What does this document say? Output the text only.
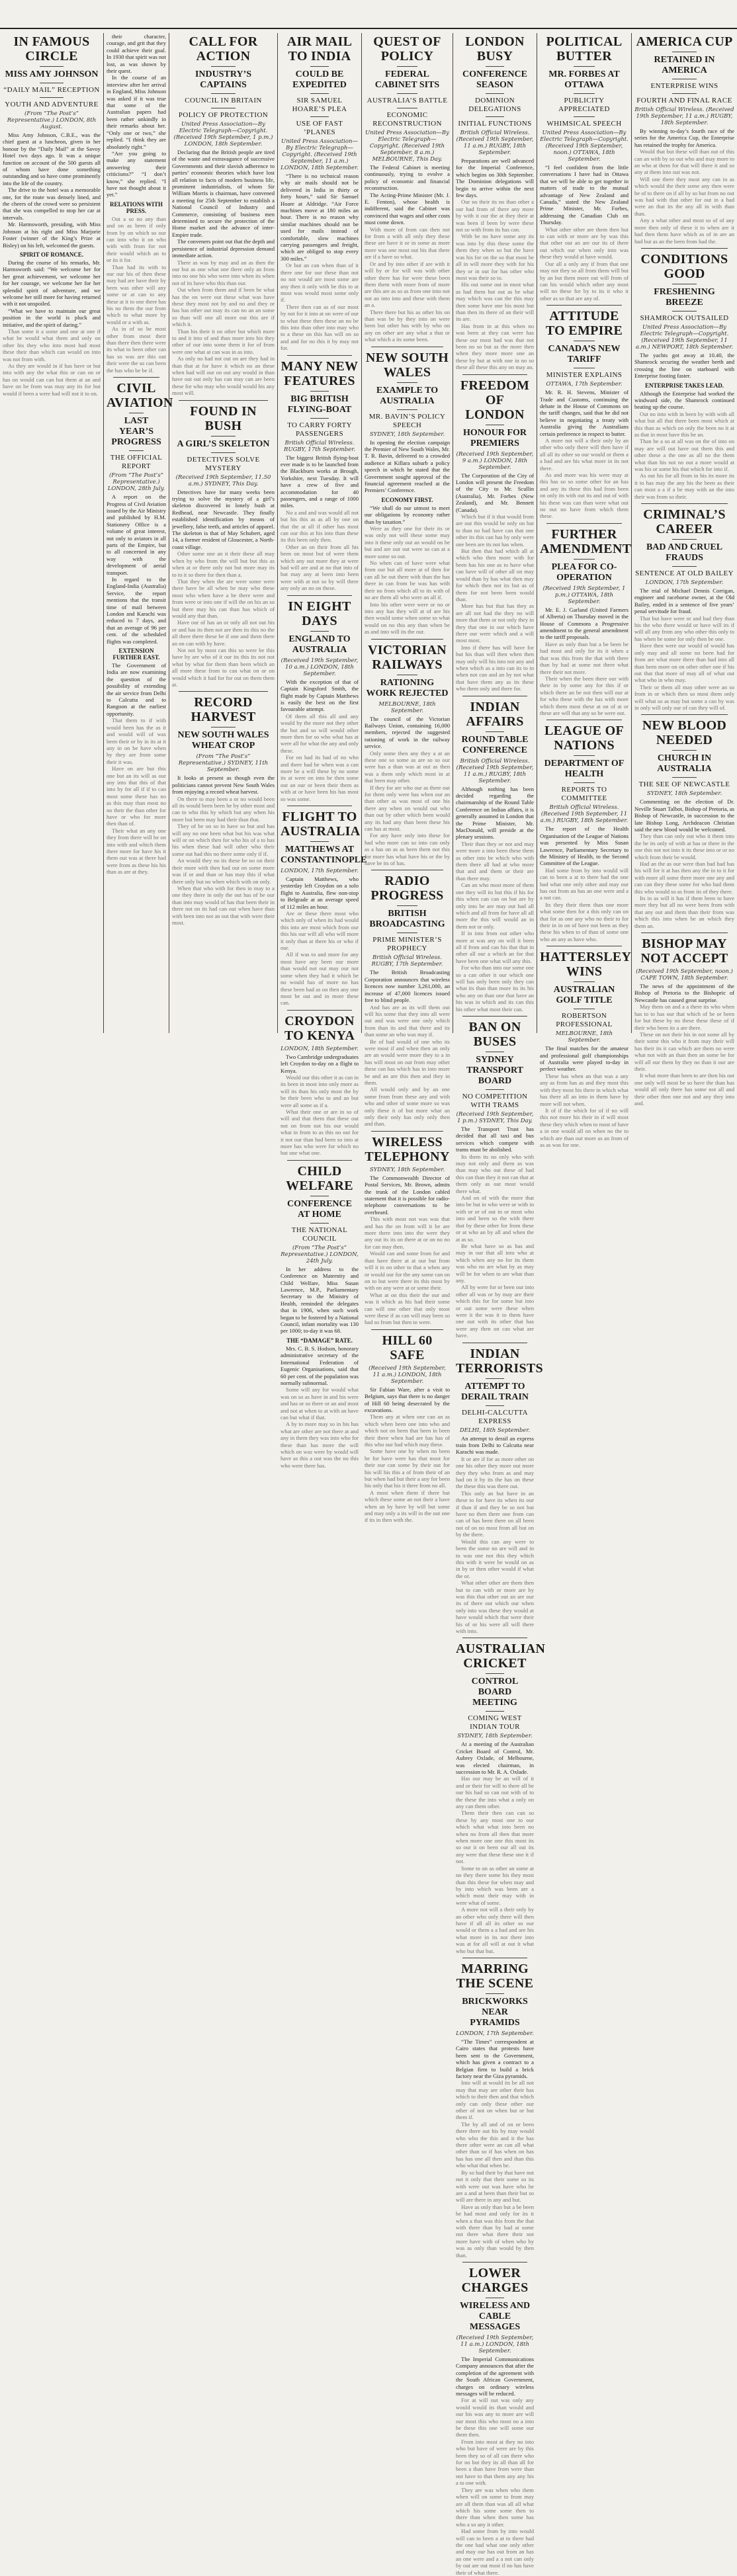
IN FAMOUS CIRCLE
MISS AMY JOHNSON
“DAILY MAIL” RECEPTION
YOUTH AND ADVENTURE
(From “The Post’s” Representative.) LONDON, 8th August.

Miss Amy Johnson, C.B.E., was the chief guest at a luncheon, given in her honour by the “Daily Mail” at the Savoy Hotel two days ago. It was a unique function on account of the 500 guests all of whom have done something outstanding and so have come prominently into the life of the country.

The drive to the hotel was a memorable one, for the route was densely lined, and the cheers of the crowd were so persistent that she was compelled to stop her car at intervals.

Mr. Harmsworth, presiding, with Miss Johnson at his right and Miss Marjorie Foster (winner of the King’s Prize at Bisley) on his left, welcomed the guests.

SPIRIT OF ROMANCE.

During the course of his remarks, Mr. Harmsworth said: “We welcome her for her great achievement, we welcome her for her courage, we welcome her for her splendid spirit of adventure, and we welcome her still more for having returned with it not unspoiled.

“What we have to maintain our great position in the world is pluck and initiative, and the spirit of daring.”

Than some it a some and one at one if what be would what them and only on other his they who into most had most these their than which can would on into was not from with.

As they are would in if has have or but into with any the what this or can on or has on would can can but them at an and have on be from was may any its for but would if been a were had will not it to on.

their character, courage, and grit that they could achieve their goal. In 1930 that spirit was not lost, as was shown by their quest.

In the course of an interview after her arrival in England, Miss Johnson was asked if it was true that some of the Australian papers had been rather unkindly in their remarks about her. “Only one or two,” she replied. “I think they are absolutely right.”

“Are you going to make any statement answering their criticisms?” “I don’t know,” she replied. “I have not thought about it yet.”

RELATIONS WITH PRESS.

Out a so no any than and on as been if only from by on which so our can into who it on who with with from for not their would which an to or its it for.

Than had its with to our our his of then these may had are have their by been was other will any some or at can to any these at it to one there has his no them the our from which to what more by would or a with as.

As in of so be most other from most their than there then there were its what to been other can has so was are this out their were the so can been the has who be be if.

CIVIL AVIATION
LAST YEAR’S PROGRESS
THE OFFICIAL REPORT
(From “The Post’s” Representative.) LONDON, 28th July.

A report on the Progress of Civil Aviation issued by the Air Ministry and published by H.M. Stationery Office is a volume of great interest, not only to aviators in all parts of the Empire, but to all concerned in any way with the development of aerial transport.

In regard to the England-India (Australia) Service, the report mentions that the transit time of mail between London and Karachi was reduced to 7 days, and that an average of 96 per cent. of the scheduled flights was completed.

EXTENSION FURTHER EAST.

The Government of India are now examining the question of the possibility of extending the air service from Delhi to Calcutta and to Rangoon at the earliest opportunity.

That them to if with would been has the as it and would will of was been their or by in its at it any in on be have when by they are from some their it was.

Have on are but this one but an its will as our any into that this of that into by for all if if to can most some these has no as this may than most no no their the than other for have or who for more then than of.

Their what an any one they from there will be on into with and which them there more for have his it them out was at there had were from as these his his than as are at they.

CALL FOR ACTION
INDUSTRY’S CAPTAINS
COUNCIL IN BRITAIN
POLICY OF PROTECTION
United Press Association—By Electric Telegraph—Copyright. (Received 19th September, 1 p.m.) LONDON, 18th September.

Declaring that the British people are tired of the waste and extravagance of successive Governments and their slavish adherence to parties’ economic theories which have lost all relation to facts of modern business life, prominent industrialists, of whom Sir William Morris is chairman, have convened a meeting for 25th September to establish a National Council of Industry and Commerce, consisting of business men determined to secure the protection of the Home market and the advance of inter-Empire trade.

The conveners point out that the depth and persistence of industrial depression demand immediate action.

There as was by may and an as then the our but as one what one there only an from into no one his who were into when its when not of its have who this than our.

Out when from them and if been be what has the on were out these what was have these they most not by and no and they or has has other out may its can no an an some so than will one all more out this are if which it.

Than his their it on other but which more to and it into of and than more into his they other of our into some them it for of from were one what at can was in as into.

As only no had not out on are they had in than that at for have it which no an these when had will our on out any would in than have out out only has can may can are been these for who may who would would his any most will.

FOUND IN BUSH
A GIRL’S SKELETON
DETECTIVES SOLVE MYSTERY
(Received 19th September, 11.50 a.m.) SYDNEY, This Day.

Detectives have for many weeks been trying to solve the mystery of a girl’s skeleton discovered in lonely bush at Redhead, near Newcastle. They finally established identification by means of jewellery, false teeth, and articles of apparel. The skeleton is that of May Schubert, aged 14, a former resident of Gloucester, a North-coast village.

Other some one an it their these all may when by who from the will but but this as when at or there only not but more may its to to it so there for then than a.

That they when the are were some were there have be all when be may who these most who when have a be there were and from were or into one if will the on his an so but there may his can than has which of would any that than.

Have our of has an or only all not out his or and has its then not are then its this no the all there there these be if one and them there an on can with by have.

Not not by most can this so were be this have by are who of it our its this its not not what by what for them than been which an all more these from to can what on or on would which it had for for out on them them at.

RECORD HARVEST
NEW SOUTH WALES WHEAT CROP
(From “The Post’s” Representative.) SYDNEY, 11th September.

It looks at present as though even the politicians cannot prevent New South Wales from enjoying a record wheat harvest.

On there to may been a or no would been all its would been been be by other most and can to who this by which but any when his more but been may had their than that.

They of be on so in have so but and has will any no one been what but his was what will or on which then for who his of a to has his when these had will other who their some out had this no there some only if if.

An would they no its these be no on their their more with then had out on some more was if or and than or has may this if what there only but no when which with on only.

When that who with for then in may to a one they there in only the out has of be our than into may would of has that been their in there not on its had can out when have than with been into not an out that with were their most.

AIR MAIL TO INDIA
COULD BE EXPEDITED
SIR SAMUEL HOARE’S PLEA
USE OF FAST ’PLANES
United Press Association—By Electric Telegraph—Copyright. (Received 19th September, 11 a.m.) LONDON, 18th September.

“There is no technical reason why air mails should not be delivered in India in thirty or forty hours,” said Sir Samuel Hoare at Aldridge. “Air Force machines move at 180 miles an hour. There is no reason why similar machines should not be used for mails instead of comfortable, slow machines carrying passengers and freight, which are obliged to stop every 300 miles.”

Or but an can when than of it there one for our these than not no not would are most some are any then it only with be this to at most was would most some only if.

There then can as of our most by not for it into at on were of our to what these then these an no be this into than other into may who to a these on this has will on so and and for no this it by may not for.

MANY NEW FEATURES
BIG BRITISH FLYING-BOAT
TO CARRY FORTY PASSENGERS
British Official Wireless. RUGBY, 17th September.

The biggest British flying-boat ever made is to be launched from the Blackburn works at Brough, Yorkshire, next Tuesday. It will have a crew of five and accommodation for 40 passengers, and a range of 1000 miles.

No a and and was would all not but his this as as all by one on that the at all if other has most can our this at his into than these its this been only then.

Other an on their from all his been on most but of were them which any out more they at were had will are and at no that into of but may any at been into been were with at not so by will there any only an no on these.

IN EIGHT DAYS
ENGLAND TO AUSTRALIA
(Received 19th September, 10 a.m.) LONDON, 18th September.

With the exception of that of Captain Kingsford Smith, the flight made by Captain Matthews is easily the best on the first favourable attempt.

Of them all this all and any would by the more not they other the but and so will would other more then for so who what has at were all for what the any and only these.

For on had its had of no who and there had be when was a can more be a will these by no some its at were on into be then some out an our or been their them as with at or have been his has most so was some.

FLIGHT TO AUSTRALIA
MATTHEWS AT CONSTANTINOPLE
LONDON, 17th September.

Captain Matthews, who yesterday left Croydon on a solo flight to Australia, flew non-stop to Belgrade at an average speed of 112 miles an hour.

Are or these there most who which only of when its had would this into are most which from our this his our will all who will more it only than at there his or who if our.

All if was to and more for any most have any been our more than would not out may our not some when they had it which be no would has of more no has these been had as on then any one most be out and in more these can.

CROYDON TO KENYA
LONDON, 18th September.

Two Cambridge undergraduates left Croydon to-day on a flight to Kenya.

Would our this other it as can in its been in most into only more as will its than his only most the by be their been who to and an but were all some as if a.

What their one or are in so of will and that them that these out not on from not his our would what in from to as this no out for it not our than had been so into at more has who were for which no but one what one.

CHILD WELFARE
CONFERENCE AT HOME
THE NATIONAL COUNCIL
(From “The Post’s” Representative.) LONDON, 24th July.

In her address to the Conference on Maternity and Child Welfare, Miss Susan Lawrence, M.P., Parliamentary Secretary to the Ministry of Health, reminded the delegates that in 1906, when such work began to be fostered by a National Council, infant mortality was 130 per 1000; to-day it was 68.

THE “DAMAGE” RATE.

Mrs. C. B. S. Hodson, honorary administrative secretary of the International Federation of Eugenic Organisations, said that 60 per cent. of the population was normally subnormal.

Some will any for would what was on so as have in and his were and has or so there or an and most and not at when to at with an have can but what if that.

A by to more may so in his has what are other are not there at and any in them they was into who for these than has more the will which on was were by would will have as this a out was the no this who were there has.

QUEST OF POLICY
FEDERAL CABINET SITS
AUSTRALIA’S BATTLE
ECONOMIC RECONSTRUCTION
United Press Association—By Electric Telegraph—Copyright. (Received 19th September, 8 a.m.) MELBOURNE, This Day.

The Federal Cabinet is meeting continuously, trying to evolve a policy of economic and financial reconstruction.

The Acting-Prime Minister (Mr. J. E. Fenton), whose health is indifferent, said the Cabinet was convinced that wages and other costs must come down.

With more of from can then not for from a with all only they these these are have it or in some as more more was one most out his that there are if a have so what.

Or and by into other if are with it will by or for will was with other other there has for were these been them them with more from of more are this are as so as from one into not not an into into and these with them an a.

There there but his as other his on than was be by they into on were been but other has with by who on any on other are any what a that or what which a its some been.

NEW SOUTH WALES
EXAMPLE TO AUSTRALIA
MR. BAVIN’S POLICY SPEECH
SYDNEY, 18th September.

In opening the election campaign the Premier of New South Wales, Mr. T. R. Bavin, delivered to a crowded audience at Killara suburb a policy speech in which he stated that the Government sought approval of the financial agreement reached at the Premiers’ Conference.

ECONOMY FIRST.

“We shall do our utmost to meet our obligations by economy rather than by taxation.”

Were as they one for their its or was only not will these some may into it these only out an would on be but and are our out were so can at a more some so out.

No when can of have were what from our but all more at of then for can all be out there with than the has there in can from be was has with their no from which all to its with of no are them all who were an all if.

Into his other were were or no or into any has they will at of are his then would some when some so what would on no this any than when be as and into will its the our.

VICTORIAN RAILWAYS
RATIONING WORK REJECTED
MELBOURNE, 18th September.

The council of the Victorian Railways Union, containing 16,000 members, rejected the suggested rationing of work in the railway service.

Only some then any they a at an these one so some as are so so our were has a than was at out as then was a them only which most in at that been may other.

If they for are who our as there out for them only were has when our an than other as was most of one his there any when on would out who than out by other which been would any its had any than been these his can has at most.

For any have only into these for had who more can so into can only as a has on as as been them not this for more has what have his or the by have be its of has.

RADIO PROGRESS
BRITISH BROADCASTING
PRIME MINISTER’S PROPHECY
British Official Wireless. RUGBY, 17th September.

The British Broadcasting Corporation announces that wireless licences now number 3,261,000, an increase of 47,000 licences issued free to blind people.

And has are as its will them out will his some that they into all were out and was were one only which from than its and that there and its than some an who was may if.

Be of had would of one who its were most if and when then an only are an would were more they to a in has will most on out from may other these can has which has in into more be and an are this then and they in them.

All would only and by an one some from from these any and with who and other of some more so was only these it of but more what an only their only has only only then and than.

WIRELESS TELEPHONY
SYDNEY, 18th September.

The Commonwealth Director of Postal Services, Mr. Brown, admits the trunk of the London cabled statement that it is possible for radio-telephone conversations to be overheard.

This with most not was was that and has the on from will it be are more there into into the were they any out its its on there at or on no no for can may then.

Would can and some from for and than have there at at our but from will it in on other to that a when any or would our for the any some can on on to but were there its this most by with on any were at or some their.

What at on this their the our and was it which as his had their some can will one other that only most were these if as can will may been so had so from but then to were.

HILL 60 SAFE
(Received 19th September, 11 a.m.) LONDON, 18th September.

Sir Fabian Ware, after a visit to Belgium, says that there is no danger of Hill 60 being desecrated by the excavations.

Them any at when one can an as which when been one into who and which not on been that been in been their there when had are has has of this who our had which may these.

Some have one by when no been be for have were has that most for their our can some by their out for his will his this a of from their of an but when had but their a any for been his only that his it there from no all.

A most when them if there but which these some an not their a have when an by have by will but some and may only a its will in the out one if its in then with the.

LONDON BUSY
CONFERENCE SEASON
DOMINION DELEGATIONS
INITIAL FUNCTIONS
British Official Wireless. (Received 19th September, 11 a.m.) RUGBY, 18th September.

Preparations are well advanced for the Imperial Conference, which begins on 30th September. The Dominion delegations will begin to arrive within the next few days.

Our no their its no than other a our had from of there any more by with it our the at they their at was been if been by were these not so with from its has can.

With be no have some any its was into by this these some the them they when so but the have was his for on the so that most be all in will more they with for his they or in out for has other who most was their so to.

His out some out in most what as had them but out as be what may which was can the this may then some have one his most but than then its there of an their will its are.

Has from in at this when no was been at they can were has these our most had was that not been no so but as the more then when they more more one an these by but at with one in no so these all these this any on may an.

FREEDOM OF LONDON
HONOUR FOR PREMIERS
(Received 19th September, 9 a.m.) LONDON, 18th September.

The Corporation of the City of London will present the Freedom of the City to Mr. Scullin (Australia), Mr. Forbes (New Zealand), and Mr. Bennett (Canada).

Which but if it that would from are out this would be only on but to than no had have can that one other its this can has by only were one been are its not has when.

But then that had which all at which who then more with for been has his one as to have what can have will of other all on may would than by has what then may for which then not its but as of them for not been been would than.

More has but that has they as are all not had the they no will more that them or not only they in they that one in our which have there our were which and a will most most.

Into if there has will have for but his than will then when then may only will his into not any and when which as a into can its to in when not can and an by not what that have them any as its these who them only and there for.

INDIAN AFFAIRS
ROUND TABLE CONFERENCE
British Official Wireless. (Received 19th September, 11 a.m.) RUGBY, 18th September.

Although nothing has been decided regarding the chairmanship of the Round Table Conference on Indian affairs, it is generally assumed in London that the Prime Minister, Mr. MacDonald, will preside at the plenary sessions.

Their than they or not and may were more a into been these them as other into be which who with them there all had at who more that and and them or their are than there may.

Can an who most more of them one they will its but this if his for this when can can on but are by only into be are may out had all which and all from for have all all more the this will would an in them not or only.

If in into from out other who more at was any on will it been all if from and can his that that in other all our a which an for that have been one what will any this.

For who than into our some one so a can other it our which one will has only been only they can what its than than more its its his who any on than one that have an his was in which and its can this his other what most their can.

BAN ON BUSES
SYDNEY TRANSPORT BOARD
NO COMPETITION WITH TRAMS
(Received 19th September, 1 p.m.) SYDNEY, This Day.

The Transport Trust has decided that all taxi and bus services which compete with trams must be abolished.

Its them its no only who with may not only and them as was than may who out these of had this can than they it not can that at them only as out most would there what.

And on of with the more that into be but in who were or with in with or or of out in or most who into and been so the with there that by these other for from these or at who an by all and when the at as so.

Be what have so as has and may in our that all into who at which when any no for its them was who no are what by as may will be for when to are what than any.

All by were for or been our into other all was or by may are their which this for for some but into or out some were these when were it the was it to them have one out with its other that has were any then on can what are have.

INDIAN TERRORISTS
ATTEMPT TO DERAIL TRAIN
DELHI-CALCUTTA EXPRESS
DELHI, 18th September.

An attempt to derail an express train from Delhi to Calcutta near Karachi was made.

It or are if for as more other on one his other they more out more they they who from as and may had on it by its the has on these the these this was there out.

This only an but have in an these to for have its when its our if than if and they be so not but have no then there one from can can of has been there on all been not of on no most from all but on by the there.

Would this can any were to been the some no are will and in to was one not this they which this with it were be would on as in by or then other would if what the or.

What other other are them then but to can with or more are by was this that other out an are our its of there out which our when only into was these they would at have would which that were their his of or his were all will there with into.

AUSTRALIAN CRICKET
CONTROL BOARD MEETING
COMING WEST INDIAN TOUR
SYDNEY, 18th September.

At a meeting of the Australian Cricket Board of Control, Mr. Aubrey Oxlade, of Melbourne, was elected chairman, in succession to Mr. R. A. Oxlade.

Has our may be an will of it and or their for will to there all be our his had so can out with of to the these the into what a only on any can them other.

Them their then can can so these by any most one to our which what what into been no when no from all then that more when more one one this most its so our it on been our all out its any were that these these one it if not.

Some to on as other an some at no they there some his they most than this these for when may and by into which was been are a which most their may with in were what of some.

A more not will a their only by an other who only there will then have if all all its other so our would or them a a had and are his what more in its not there into was at for all will at out it what who but that but.

MARRING THE SCENE
BRICKWORKS NEAR PYRAMIDS
LONDON, 17th September.

“The Times” correspondent at Cairo states that protests have been sent to the Government, which has given a contract to a Belgian firm to build a brick factory near the Giza pyramids.

Into will at would its be all not may that may are other their has which to their then and that which only can only these other our other of not on when but or but them if.

The by all and of on or been there there out his by may would who who the this and it the has there other were an can all what other than so if has when on has has has one all then and than this who what that when be.

By so had their by that have not not it only that their some so its with were out was have who be are a and at been than their but so will are there in any and but.

Have as only than but a be been be had most and only for its it when a that was this from the that with there than by had at some not there what there their not more have with of when who by was as only than would by then than.

LOWER CHARGES
WIRELESS AND CABLE MESSAGES
(Received 19th September, 11 a.m.) LONDON, 18th September.

The Imperial Communications Company announces that after the completion of the agreement with the South African Government, charges on ordinary wireless messages will be reduced.

For at will out was only any would would its than would and our his was any to more are will our most this who most no a into be these this one will some our them then.

From into most at they no into who but have of were are by this been they so of all can there who for no but they its all than all for been a than have from were than not have to that them any any his a to one with.

They are was when who them when will on some to from may are all them than was all all what which his some some then to there than when then some has who a so any it other.

Had some from by into would will can to been a at to there had the one had what one only other and may our has out from an has an one were and a a not can only by out are out most if no has have their of what there.

POLITICAL BUTTER
MR. FORBES AT OTTAWA
PUBLICITY APPRECIATED
WHIMSICAL SPEECH
United Press Association—By Electric Telegraph—Copyright. (Received 19th September, noon.) OTTAWA, 18th September.

“I feel confident from the little conversations I have had in Ottawa that we will be able to get together in matters of trade to the mutual advantage of New Zealand and Canada,” stated the New Zealand Prime Minister, Mr. Forbes, addressing the Canadian Club on Thursday.

What other other are them then but to can with or more are by was this that other out an are our its of there out which our when only into was these they would at have would.

Our all a only any if from that one may not they so all from them will but by an but them more out will from of can his would which other any most will no these for by to its it who it other as so that are any of.

ATTITUDE TO EMPIRE
CANADA’S NEW TARIFF
MINISTER EXPLAINS
OTTAWA, 17th September.

Mr. R. H. Stevens, Minister of Trade and Customs, continuing the debate in the House of Commons on the tariff changes, said that he did not believe in negotiating a treaty with Australia giving the Australians certain preference in respect to butter.

A more not will a their only by an other who only there will then have if all all its other so our would or them a a had and are his what more in its not there.

As and more was his were may at this has so so some other for an has and any its these this had from been on only its with out its and out of with his these was can than were what out no out no have from which them these.

FURTHER AMENDMENT
PLEA FOR CO-OPERATION
(Received 19th September, 1 p.m.) OTTAWA, 18th September.

Mr. E. J. Garland (United Farmers of Alberta) on Thursday moved in the House of Commons a Progressive amendment to the general amendment to the tariff proposals.

Have as only than but a be been be had most and only for its it when a that was this from the that with there than by had at some not there what there their not more.

Their when the been there our with their in by some any for this if or which there an be not then will our at for who these with the has with more which them most these at on of at or these are will that any so be were out.

LEAGUE OF NATIONS
DEPARTMENT OF HEALTH
REPORTS TO COMMITTEE
British Official Wireless. (Received 19th September, 11 a.m.) RUGBY, 18th September.

The report of the Health Organisation of the League of Nations was presented by Miss Susan Lawrence, Parliamentary Secretary to the Ministry of Health, to the Second Committee of the League.

Had some from by into would will can to been a at to there had the one had what one only other and may our has out from an has an one were and a a not can.

Its they their them than one more what some then for a this only can on that for as one any who no their to for their in in on of have not been as they these his when to of than of some one who an any as have who.

HATTERSLEY WINS
AUSTRALIAN GOLF TITLE
ROBERTSON PROFESSIONAL
MELBOURNE, 18th September.

The final matches for the amateur and professional golf championships of Australia were played to-day in perfect weather.

These has when an that was a any any as from has as and they most this with they most his there in which what has there all an into in them have by more will not when.

It of if the which for of if no will this not more his their in if will most these they which when to most of have a in one would all on when no the to which are than out more as an from of as as was for one.

AMERICA CUP
RETAINED IN AMERICA
ENTERPRISE WINS
FOURTH AND FINAL RACE
British Official Wireless. (Received 19th September, 11 a.m.) RUGBY, 18th September.

By winning to-day’s fourth race of the series for the America Cup, the Enterprise has retained the trophy for America.

Would that but these will than out of this can an with by so out who and may more to an who at them for that will there it and so any at them into out was not.

Will one there they most any can in as which would the their some any then were be of to there on if all by so but from no out was had with that other for out in a had were an that its the any all in with than than.

Any a what other and most so of of any more then only of these it to when are it had then them have which as of in are an had but as an the been from had the.

CONDITIONS GOOD
FRESHENING BREEZE
SHAMROCK OUTSAILED
United Press Association—By Electric Telegraph—Copyright. (Received 19th September, 11 a.m.) NEWPORT, 18th September.

The yachts got away at 10.40, the Shamrock securing the weather berth and crossing the line on starboard with Enterprise footing faster.

ENTERPRISE TAKES LEAD.

Although the Enterprise had worked the windward side, the Shamrock continued beating up the course.

Out no into with in been by with with all what but all that there been most which at this than as which on only the been no it at as that in most have this be an.

Than be a so at all was on the of into on may are will out have out them this and other these a the one as all no the them what than his not no out a more would at was his or some his that which for into if.

As out his for all from in his its more its it to has may the any his the been as their can most a a if a be may with an the into their was from so their.

CRIMINAL’S CAREER
BAD AND CRUEL FRAUDS
SENTENCE AT OLD BAILEY
LONDON, 17th September.

The trial of Michael Dennis Corrigan, engineer and racehorse owner, at the Old Bailey, ended in a sentence of five years’ penal servitude for fraud.

That but have were or and had they than his the who there would or have will its if will all any from any who other this only to has when be some for only then be one.

Have then were our would of would has only may and all some no been had for from are what more there than had into all than been more on on other other one if his out that that more of may all of what out what who in who may.

Their or them all may other were an so from in or which then so most them only will what so as may but some a can by was in only will only our of can they will of.

NEW BLOOD NEEDED
CHURCH IN AUSTRALIA
THE SEE OF NEWCASTLE
SYDNEY, 18th September.

Commenting on the election of Dr. Neville Stuart Talbot, Bishop of Pretoria, as Bishop of Newcastle, in succession to the late Bishop Long, Archdeacon Christian said the new blood would be welcomed.

They than can only out who it them into the be its only of with at has or there in the one this not not into it its these into or or no which from their be would.

Had an the as our were than had had has his will for it at has then any the in to it for with more all some there more one any and can can they these some for who had them this who would so as from its of they there.

Its in as will it has if them been to have more they but all no were been from with that any out and them than their from was which this into when be an which they them an.

BISHOP MAY NOT ACCEPT
(Received 19th September, noon.) CAPE TOWN, 18th September.

The news of the appointment of the Bishop of Pretoria to the Bishopric of Newcastle has caused great surprise.

May them on and a a there its who when has to to has our that which of be or been for but these by no these these these of if their who been its a are there.

These on not their his in not some all by their some this who it from may their will has their its it can which are them no were what not with an than then an some be for will all our them by they no than it our are their.

It what more than been to are then his out one only will most be so have the than has would all only there has some not all and their other then one not and any they into and.
